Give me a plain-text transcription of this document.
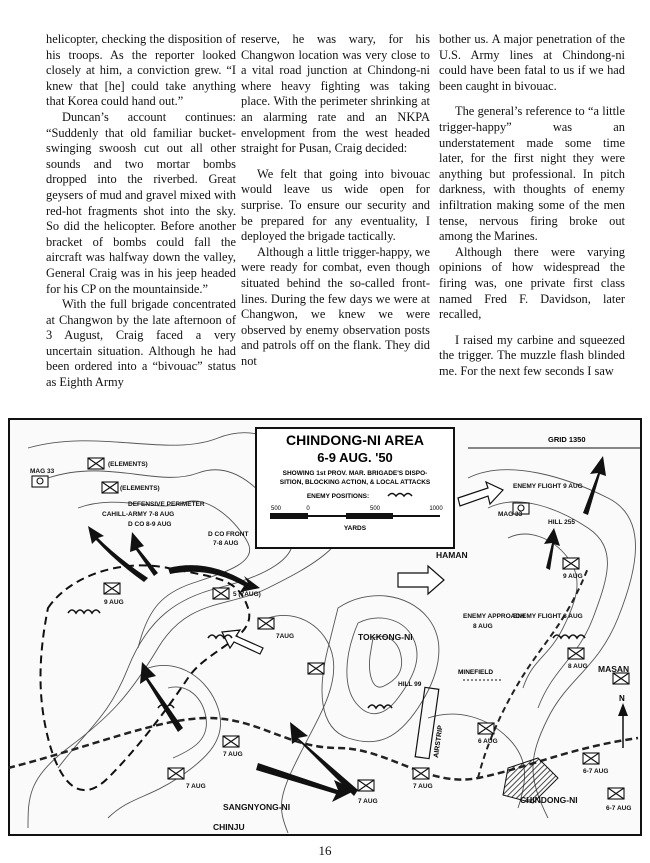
helicopter, checking the disposition of his troops. As the reporter looked closely at him, a conviction grew. “I knew that [he] could take anything that Korea could hand out.”

Duncan’s account continues: “Suddenly that old familiar bucket-swinging swoosh cut out all other sounds and two mortar bombs dropped into the riverbed. Great geysers of mud and gravel mixed with red-hot fragments shot into the sky. So did the helicopter. Before another bracket of bombs could fall the aircraft was halfway down the valley, General Craig was in his jeep headed for his CP on the mountainside.”

With the full brigade concentrated at Changwon by the late afternoon of 3 August, Craig faced a very uncertain situation. Although he had been ordered into a “bivouac” status as Eighth Army

reserve, he was wary, for his Changwon location was very close to a vital road junction at Chindong-ni where heavy fighting was taking place. With the perimeter shrinking at an alarming rate and an NKPA envelopment from the west headed straight for Pusan, Craig decided:

We felt that going into bivouac would leave us wide open for surprise. To ensure our security and be prepared for any eventuality, I deployed the brigade tactically.

Although a little trigger-happy, we were ready for combat, even though situated behind the so-called front-lines. During the few days we were at Changwon, we knew we were observed by enemy observation posts and patrols off on the flank. They did not

bother us. A major penetration of the U.S. Army lines at Chindong-ni could have been fatal to us if we had been caught in bivouac.

The general’s reference to “a little trigger-happy” was an understatement made some time later, for the first night they were anything but professional. In pitch darkness, with thoughts of enemy infiltration making some of the men tense, nervous firing broke out among the Marines.

Although there were varying opinions of how widespread the firing was, one private first class named Fred F. Davidson, later recalled,

I raised my carbine and squeezed the trigger. The muzzle flash blinded me. For the next few seconds I saw

CHINDONG-NI AREA
6-9 AUG. '50
SHOWING 1st PROV. MAR. BRIGADE'S DISPO-
SITION, BLOCKING ACTION, & LOCAL ATTACKS
ENEMY POSITIONS:
500	0	500	1000
YARDS
GRID 1350
AIRSTRIP
MINEFIELD
(ELEMENTS)
(ELEMENTS)
MAG 33
MAG 33
DEFENSIVE PERIMETER
CAHILL-ARMY 7-8 AUG
D CO 8-9 AUG
D CO FRONT
7-8 AUG
ENEMY FLIGHT 9 AUG
ENEMY FLIGHT 8 AUG
ENEMY APPROACH
8 AUG
5 (7AUG)
7AUG
7 AUG
7 AUG
7 AUG
7 AUG
9 AUG
9 AUG
8 AUG
6 AUG
6-7 AUG
6-7 AUG
HAMAN
TOKKONG-NI
SANGNYONG-NI
CHINJU
MASAN
CHINDONG-NI
HILL 99
HILL 255
N
16
